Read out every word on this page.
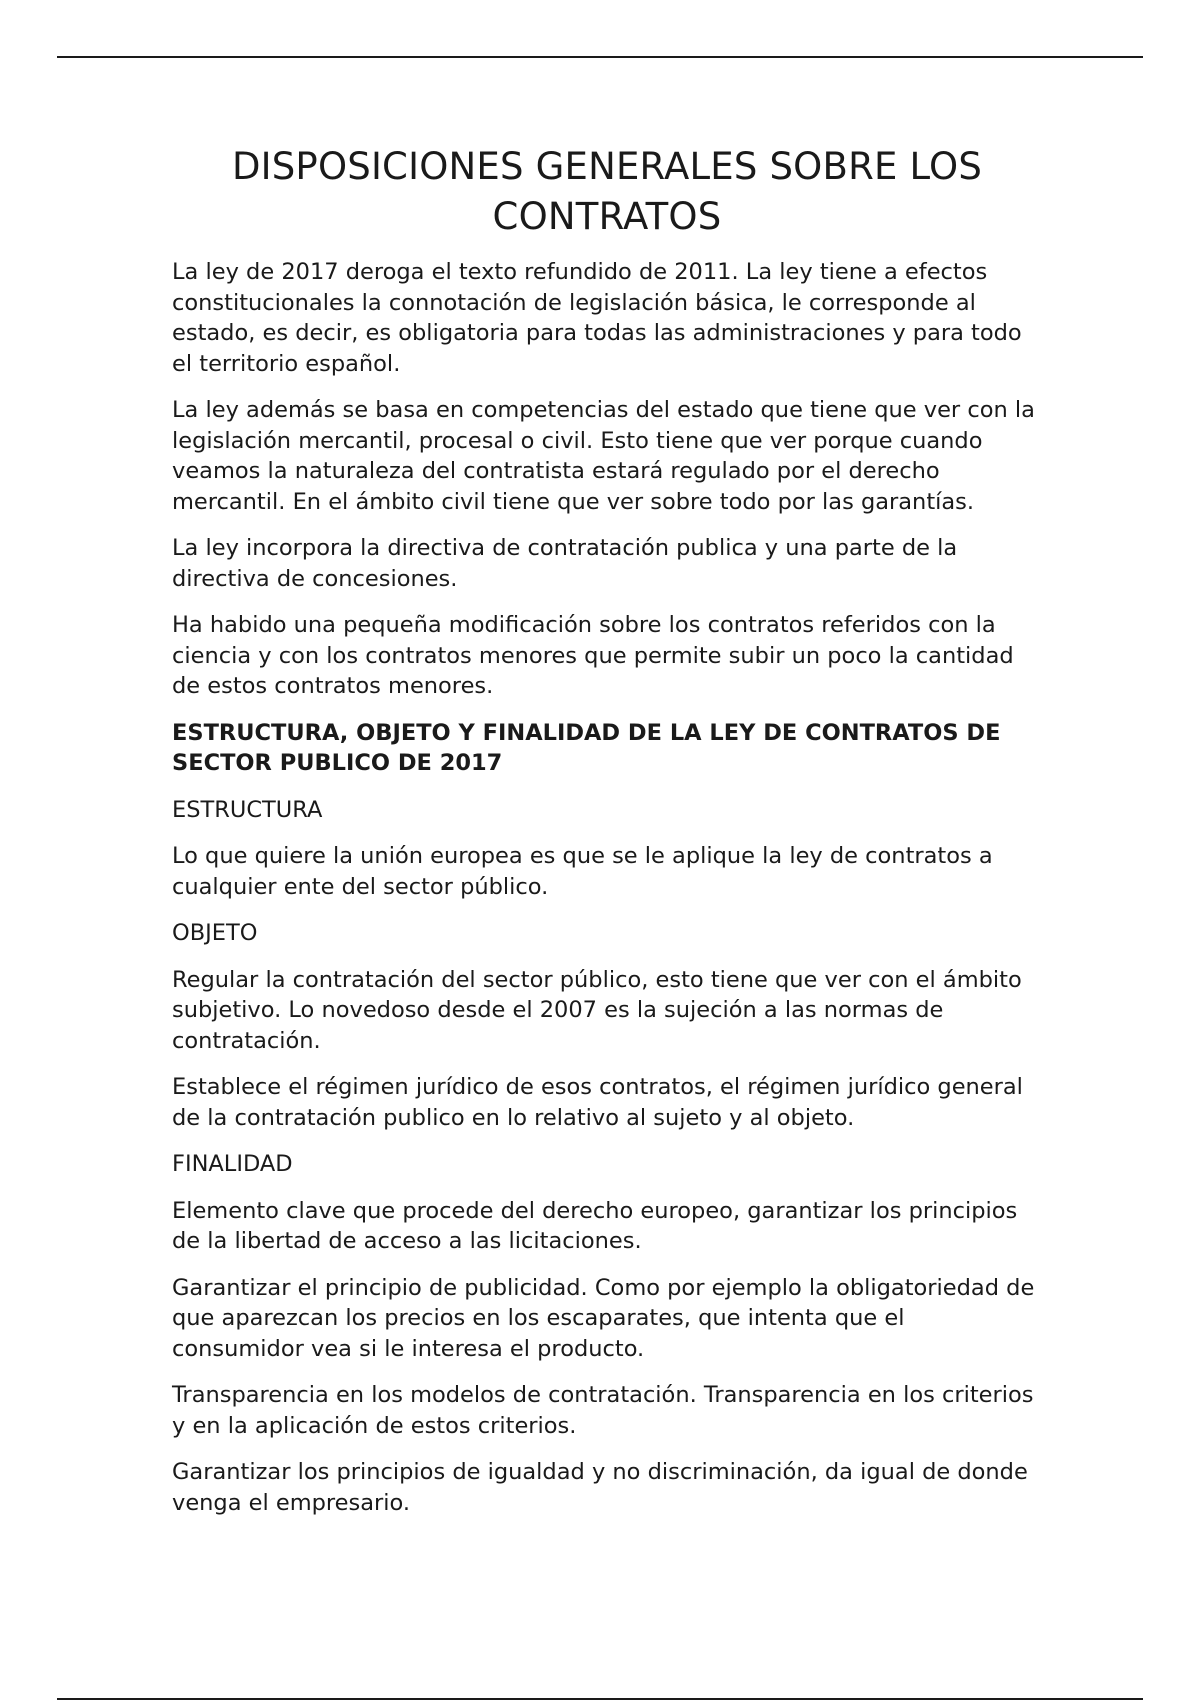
DISPOSICIONES GENERALES SOBRE LOS CONTRATOS

La ley de 2017 deroga el texto refundido de 2011. La ley tiene a efectos constitucionales la connotación de legislación básica, le corresponde al estado, es decir, es obligatoria para todas las administraciones y para todo el territorio español.

La ley además se basa en competencias del estado que tiene que ver con la legislación mercantil, procesal o civil. Esto tiene que ver porque cuando veamos la naturaleza del contratista estará regulado por el derecho mercantil. En el ámbito civil tiene que ver sobre todo por las garantías.

La ley incorpora la directiva de contratación publica y una parte de la directiva de concesiones.

Ha habido una pequeña modificación sobre los contratos referidos con la ciencia y con los contratos menores que permite subir un poco la cantidad de estos contratos menores.

ESTRUCTURA, OBJETO Y FINALIDAD DE LA LEY DE CONTRATOS DE SECTOR PUBLICO DE 2017

ESTRUCTURA

Lo que quiere la unión europea es que se le aplique la ley de contratos a cualquier ente del sector público.

OBJETO

Regular la contratación del sector público, esto tiene que ver con el ámbito subjetivo. Lo novedoso desde el 2007 es la sujeción a las normas de contratación.

Establece el régimen jurídico de esos contratos, el régimen jurídico general de la contratación publico en lo relativo al sujeto y al objeto.

FINALIDAD

Elemento clave que procede del derecho europeo, garantizar los principios de la libertad de acceso a las licitaciones.

Garantizar el principio de publicidad. Como por ejemplo la obligatoriedad de que aparezcan los precios en los escaparates, que intenta que el consumidor vea si le interesa el producto.

Transparencia en los modelos de contratación. Transparencia en los criterios y en la aplicación de estos criterios.

Garantizar los principios de igualdad y no discriminación, da igual de donde venga el empresario.
